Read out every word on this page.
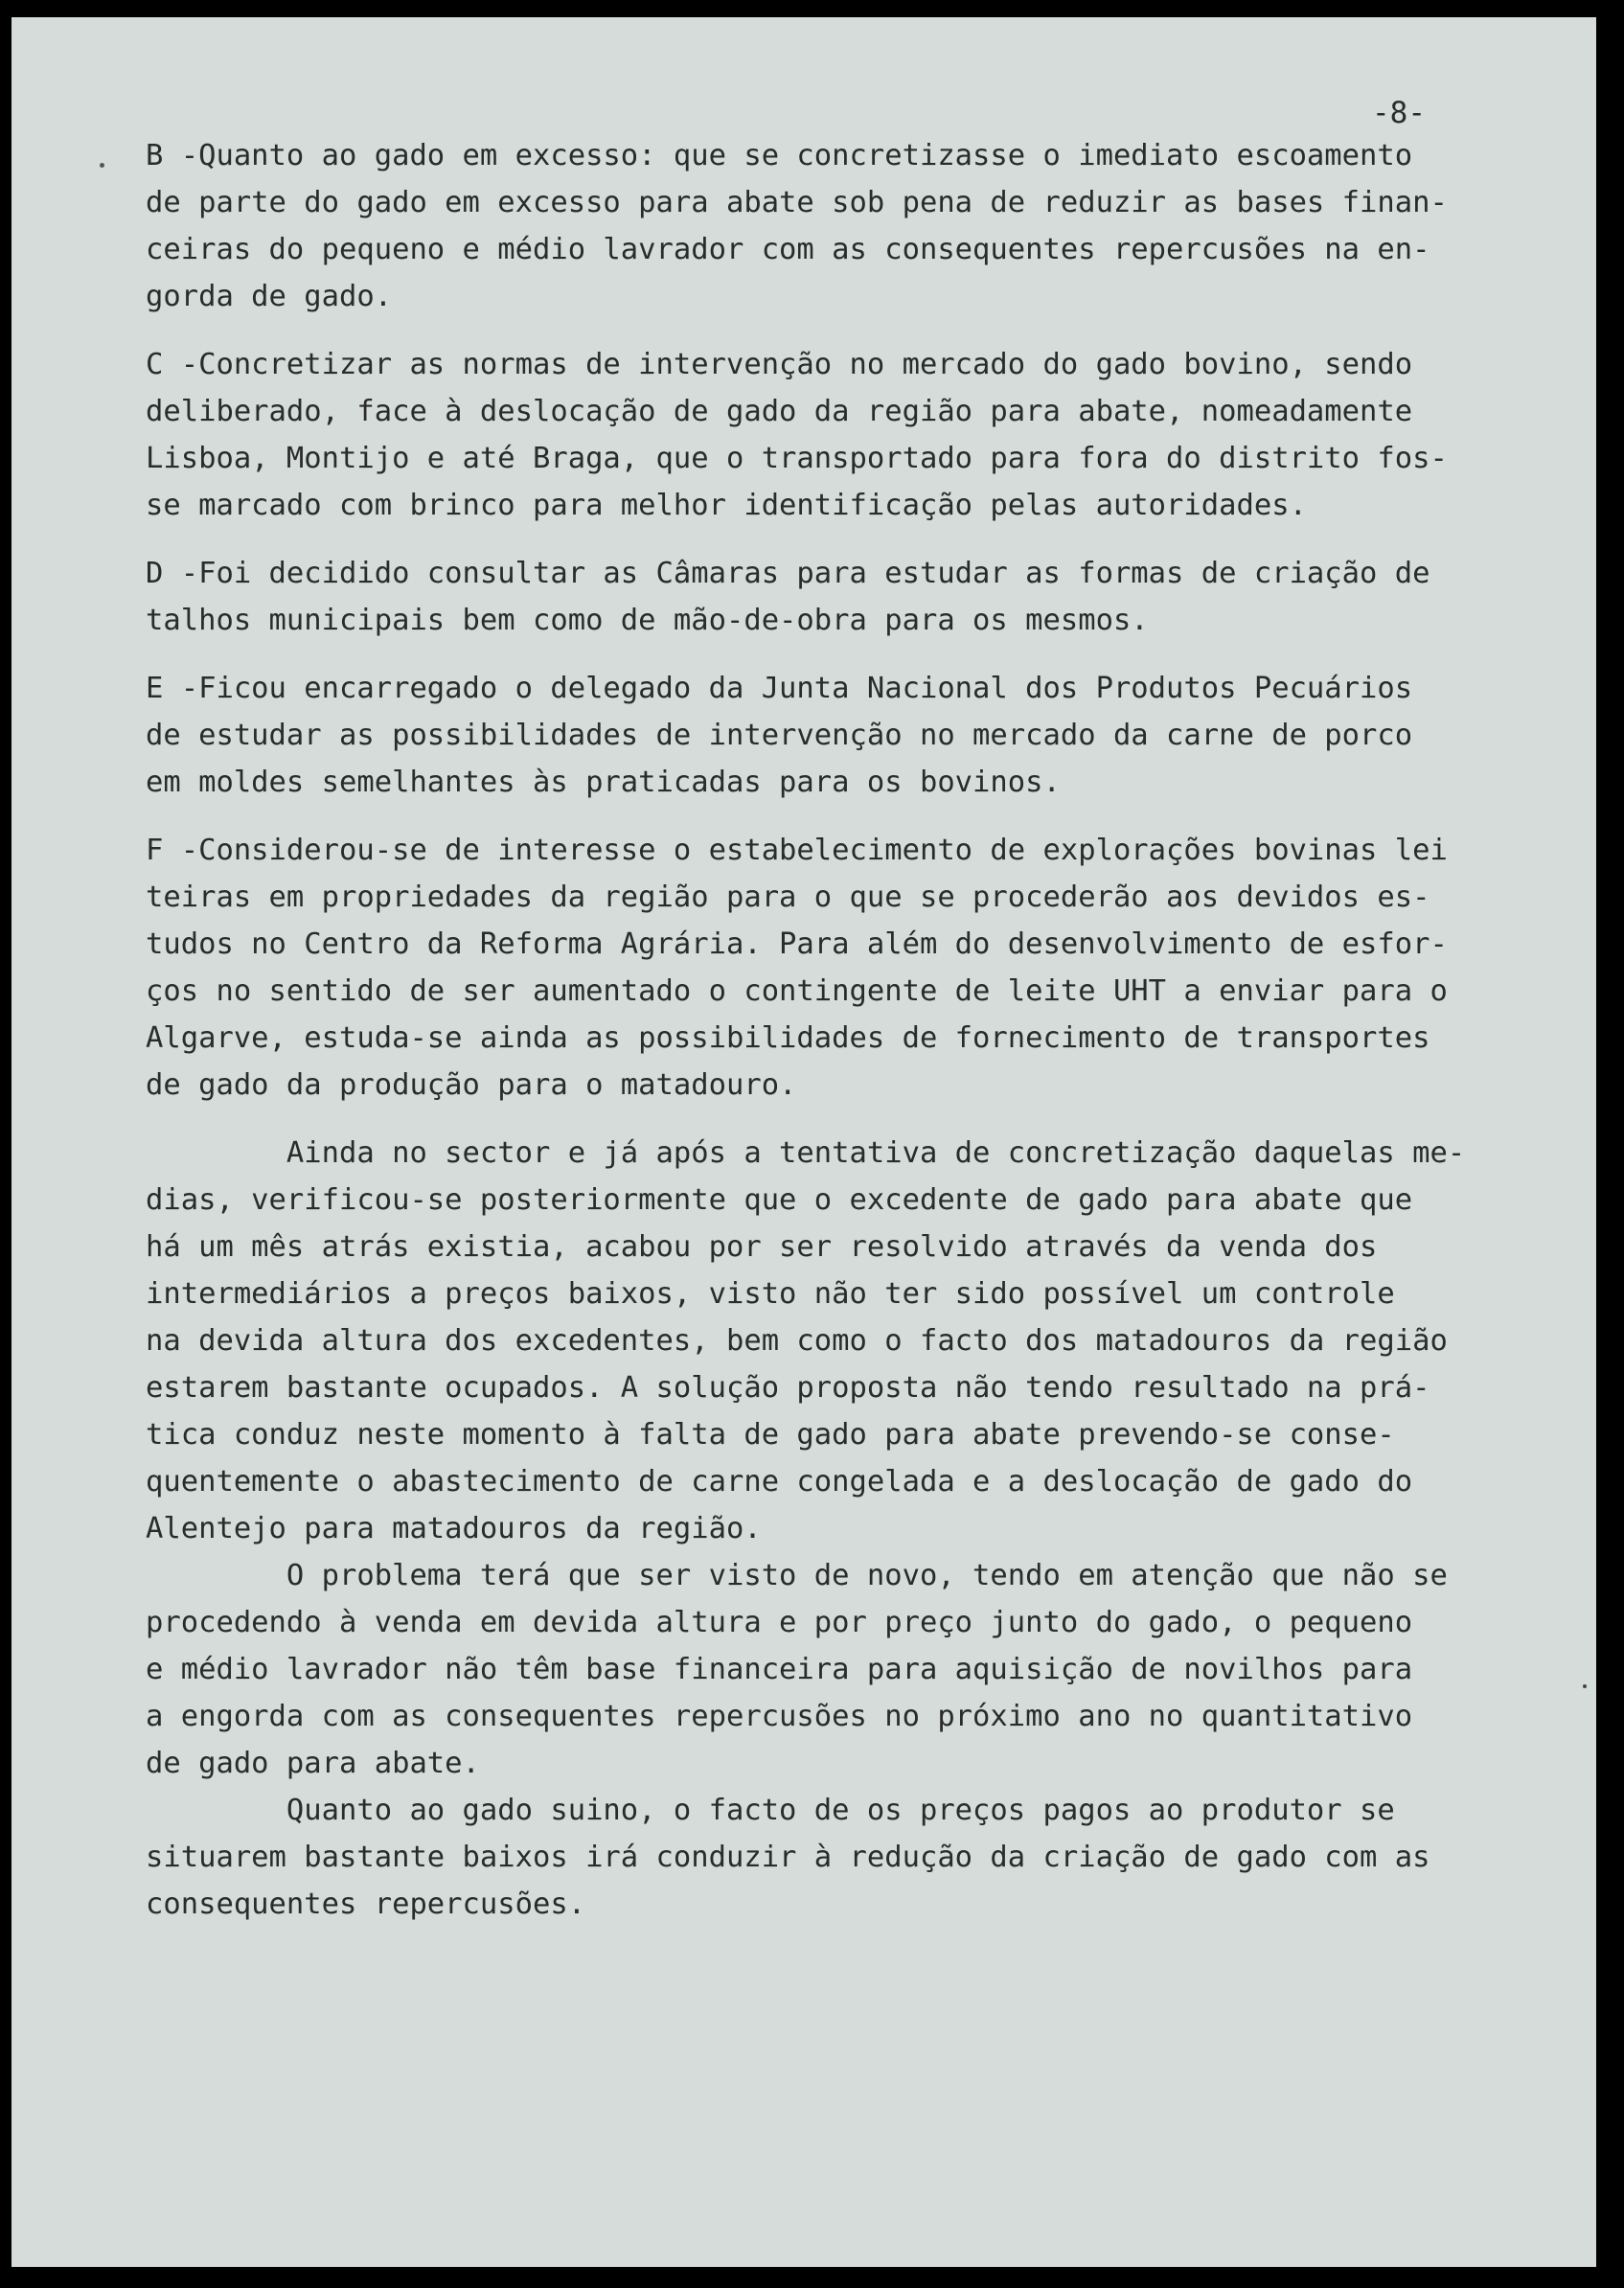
-8-
B -Quanto ao gado em excesso: que se concretizasse o imediato escoamento
de parte do gado em excesso para abate sob pena de reduzir as bases finan-
ceiras do pequeno e médio lavrador com as consequentes repercusões na en-
gorda de gado.
C -Concretizar as normas de intervenção no mercado do gado bovino, sendo
deliberado, face à deslocação de gado da região para abate, nomeadamente
Lisboa, Montijo e até Braga, que o transportado para fora do distrito fos-
se marcado com brinco para melhor identificação pelas autoridades.
D -Foi decidido consultar as Câmaras para estudar as formas de criação de
talhos municipais bem como de mão-de-obra para os mesmos.
E -Ficou encarregado o delegado da Junta Nacional dos Produtos Pecuários
de estudar as possibilidades de intervenção no mercado da carne de porco
em moldes semelhantes às praticadas para os bovinos.
F -Considerou-se de interesse o estabelecimento de explorações bovinas lei
teiras em propriedades da região para o que se procederão aos devidos es-
tudos no Centro da Reforma Agrária. Para além do desenvolvimento de esfor-
ços no sentido de ser aumentado o contingente de leite UHT a enviar para o
Algarve, estuda-se ainda as possibilidades de fornecimento de transportes
de gado da produção para o matadouro.
Ainda no sector e já após a tentativa de concretização daquelas me-
dias, verificou-se posteriormente que o excedente de gado para abate que
há um mês atrás existia, acabou por ser resolvido através da venda dos
intermediários a preços baixos, visto não ter sido possível um controle
na devida altura dos excedentes, bem como o facto dos matadouros da região
estarem bastante ocupados. A solução proposta não tendo resultado na prá-
tica conduz neste momento à falta de gado para abate prevendo-se conse-
quentemente o abastecimento de carne congelada e a deslocação de gado do
Alentejo para matadouros da região.
O problema terá que ser visto de novo, tendo em atenção que não se
procedendo à venda em devida altura e por preço junto do gado, o pequeno
e médio lavrador não têm base financeira para aquisição de novilhos para
a engorda com as consequentes repercusões no próximo ano no quantitativo
de gado para abate.
Quanto ao gado suino, o facto de os preços pagos ao produtor se
situarem bastante baixos irá conduzir à redução da criação de gado com as
consequentes repercusões.
